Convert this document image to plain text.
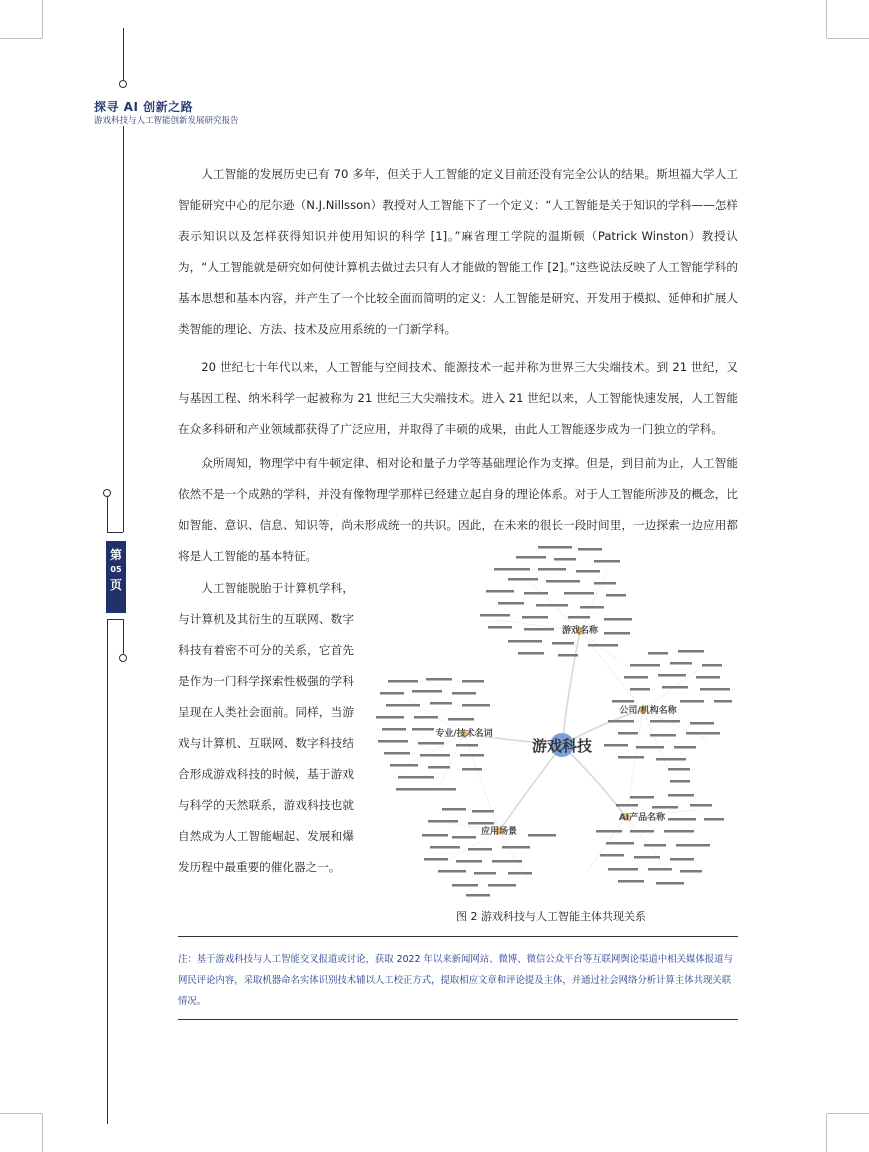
探寻 AI 创新之路
游戏科技与人工智能创新发展研究报告
第
05
页

人工智能的发展历史已有 70 多年，但关于人工智能的定义目前还没有完全公认的结果。斯坦福大学人工智能研究中心的尼尔逊（N.J.Nillsson）教授对人工智能下了一个定义：“人工智能是关于知识的学科——怎样表示知识以及怎样获得知识并使用知识的科学 [1]。”麻省理工学院的温斯顿（Patrick Winston）教授认为，“人工智能就是研究如何使计算机去做过去只有人才能做的智能工作 [2]。”这些说法反映了人工智能学科的基本思想和基本内容，并产生了一个比较全面而简明的定义：人工智能是研究、开发用于模拟、延伸和扩展人类智能的理论、方法、技术及应用系统的一门新学科。

20 世纪七十年代以来，人工智能与空间技术、能源技术一起并称为世界三大尖端技术。到 21 世纪，又与基因工程、纳米科学一起被称为 21 世纪三大尖端技术。进入 21 世纪以来，人工智能快速发展，人工智能在众多科研和产业领域都获得了广泛应用，并取得了丰硕的成果，由此人工智能逐步成为一门独立的学科。

众所周知，物理学中有牛顿定律、相对论和量子力学等基础理论作为支撑。但是，到目前为止，人工智能依然不是一个成熟的学科，并没有像物理学那样已经建立起自身的理论体系。对于人工智能所涉及的概念，比如智能、意识、信息、知识等，尚未形成统一的共识。因此，在未来的很长一段时间里，一边探索一边应用都将是人工智能的基本特征。

人工智能脱胎于计算机学科，与计算机及其衍生的互联网、数字科技有着密不可分的关系，它首先是作为一门科学探索性极强的学科呈现在人类社会面前。同样，当游戏与计算机、互联网、数字科技结合形成游戏科技的时候，基于游戏与科学的天然联系，游戏科技也就自然成为人工智能崛起、发展和爆发历程中最重要的催化器之一。

游戏科技
游戏名称
公司/机构名称
专业/技术名词
AI产品名称
应用场景
图 2 游戏科技与人工智能主体共现关系
注：基于游戏科技与人工智能交叉报道或讨论，获取 2022 年以来新闻网站、微博、微信公众平台等互联网舆论渠道中相关媒体报道与网民评论内容，采取机器命名实体识别技术辅以人工校正方式，提取相应文章和评论提及主体，并通过社会网络分析计算主体共现关联情况。
